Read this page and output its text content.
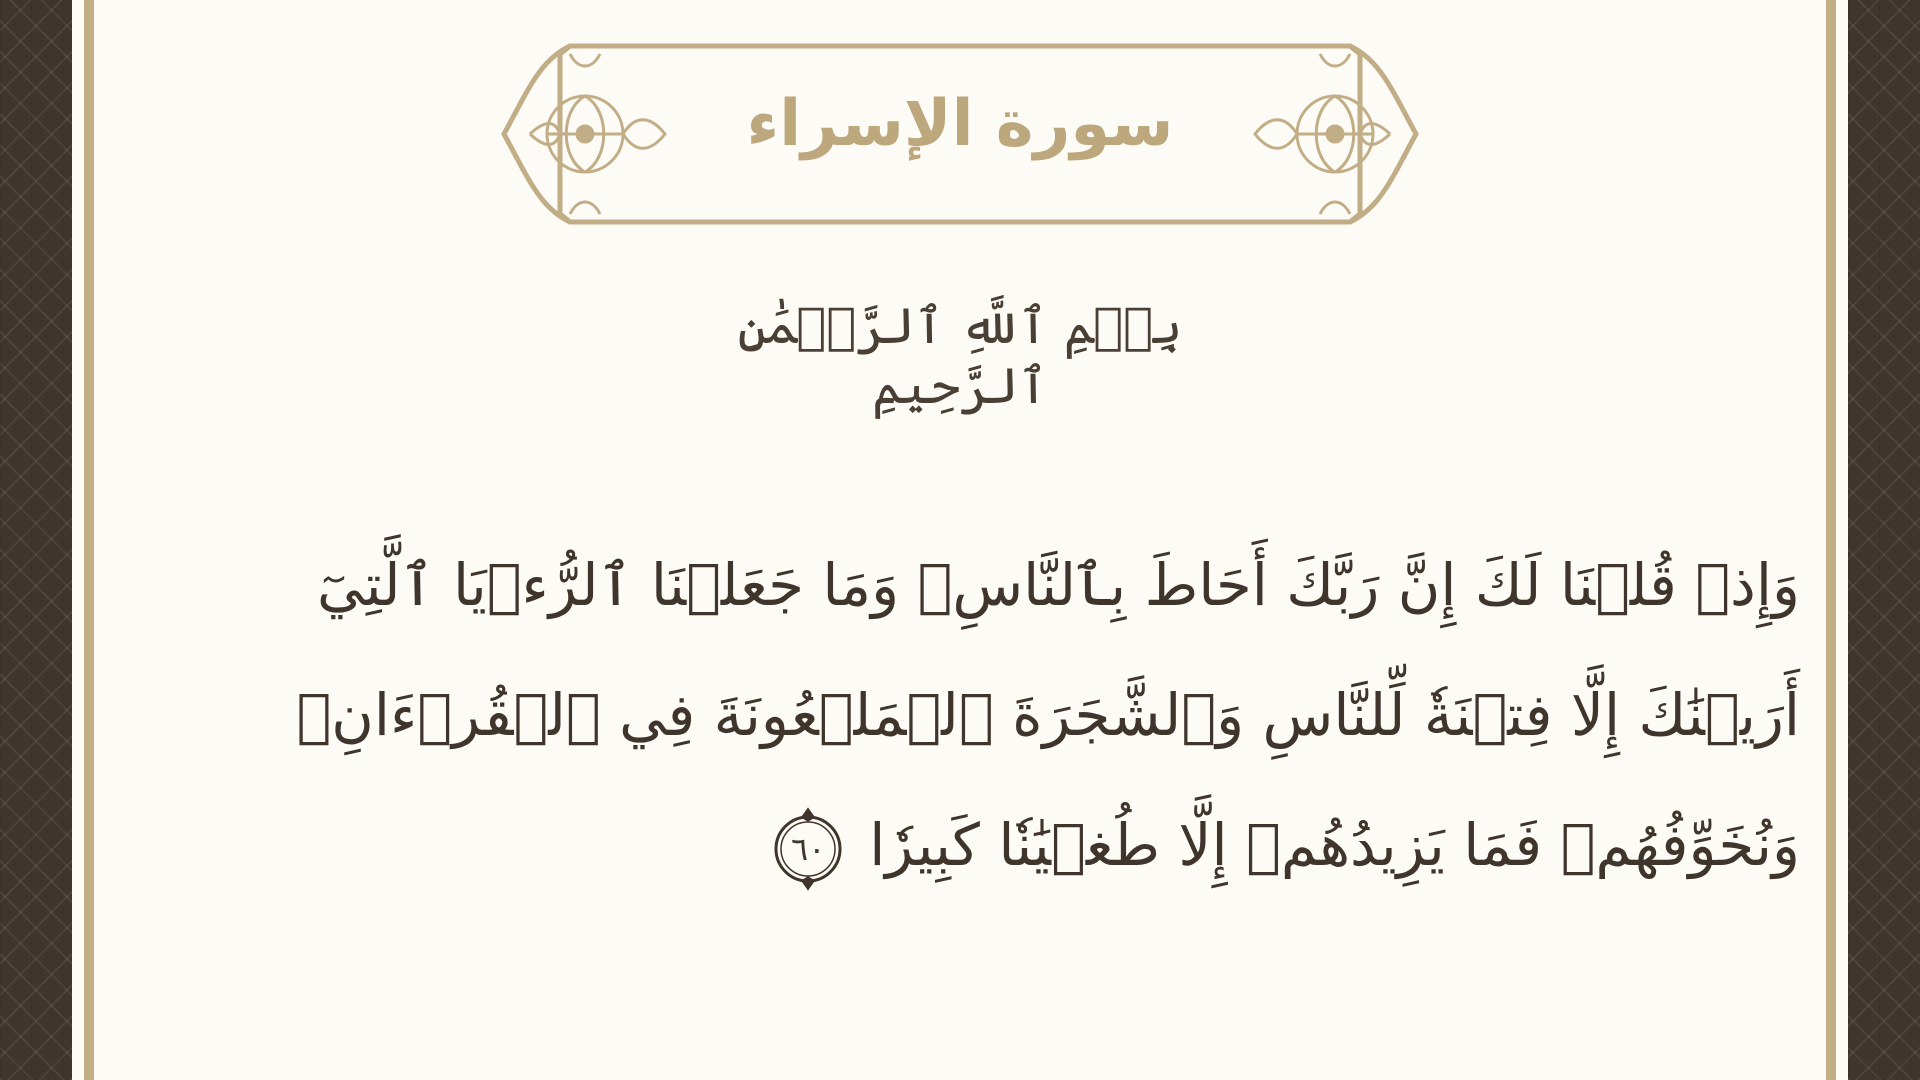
سورة الإسراء
بِسۡمِ ٱللَّهِ ٱلرَّحۡمَٰنِ ٱلرَّحِيمِ
وَإِذۡ قُلۡنَا لَكَ إِنَّ رَبَّكَ أَحَاطَ بِٱلنَّاسِۚ وَمَا جَعَلۡنَا ٱلرُّءۡيَا ٱلَّتِيٓ
أَرَيۡنَٰكَ إِلَّا فِتۡنَةٗ لِّلنَّاسِ وَٱلشَّجَرَةَ ٱلۡمَلۡعُونَةَ فِي ٱلۡقُرۡءَانِۚ
وَنُخَوِّفُهُمۡ فَمَا يَزِيدُهُمۡ إِلَّا طُغۡيَٰنٗا كَبِيرٗا
٦٠
